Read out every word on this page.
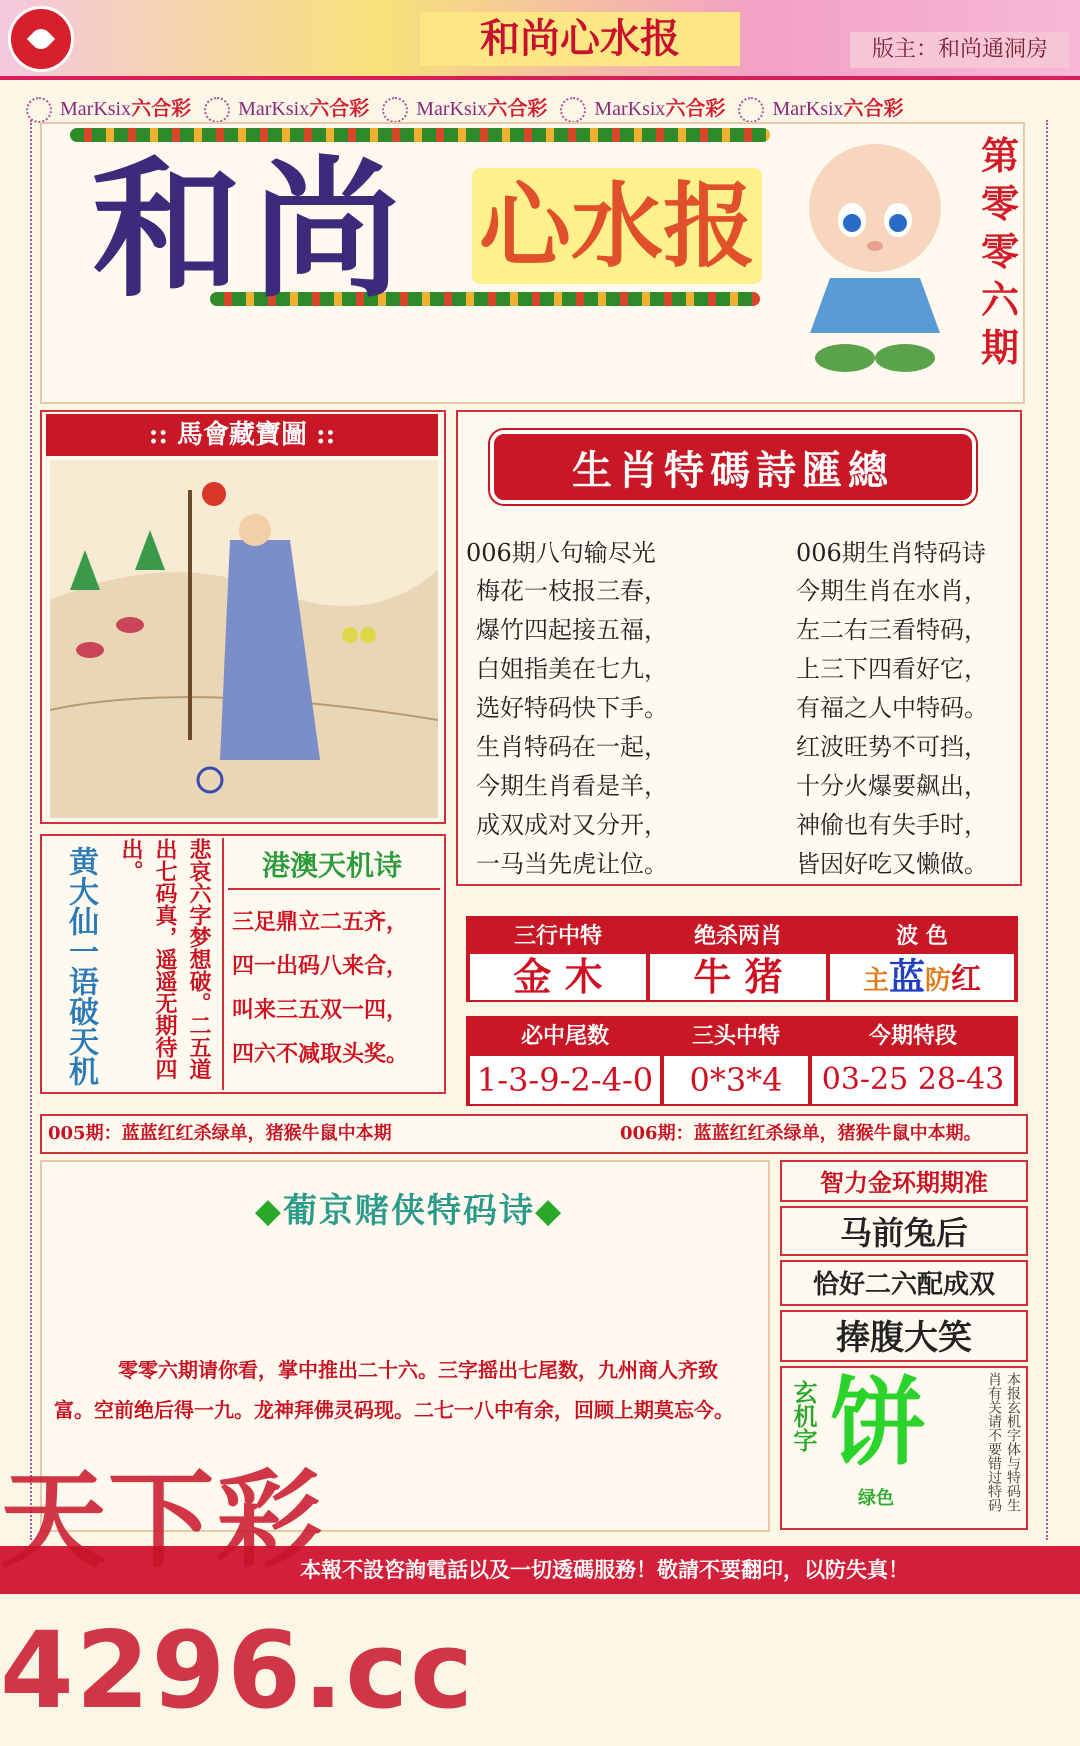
和尚心水报	版主：和尚通洞房
MarKsix六合彩 MarKsix六合彩 MarKsix六合彩 MarKsix六合彩 MarKsix六合彩
和尚 心水报
第零零六期
:: 馬會藏寶圖 ::
生肖特碼詩匯總
006期八句输尽光	006期生肖特码诗
梅花一枝报三春，
爆竹四起接五福，
白姐指美在七九，
选好特码快下手。
生肖特码在一起，
今期生肖看是羊，
成双成对又分开，
一马当先虎让位。
今期生肖在水肖，
左二右三看特码，
上三下四看好它，
有福之人中特码。
红波旺势不可挡，
十分火爆要飙出，
神偷也有失手时，
皆因好吃又懒做。
黄大仙一语破天机	悲哀六字梦想破。二五道出七码真，遥遥无期待四出。	港澳天机诗
三足鼎立二五齐，
四一出码八来合，
叫来三五双一四，
四六不减取头奖。
三行中特	绝杀两肖	波 色
金 木	牛 猪	主蓝防红
必中尾数	三头中特	今期特段
1-3-9-2-4-0	0*3*4	03-25 28-43
005期：蓝蓝红红杀绿单，猪猴牛鼠中本期	006期：蓝蓝红红杀绿单，猪猴牛鼠中本期。
◆葡京赌侠特码诗◆
零零六期请你看，掌中推出二十六。三字摇出七尾数，九州商人齐致富。空前绝后得一九。龙神拜佛灵码现。二七一八中有余，回顾上期莫忘今。
智力金环期期准
马前兔后
恰好二六配成双
捧腹大笑
玄机字 饼
绿色	本报玄机字体与特码生肖有关请不要错过特码
本報不設咨詢電話以及一切透碼服務！敬請不要翻印，以防失真！
天下彩 4296.cc
